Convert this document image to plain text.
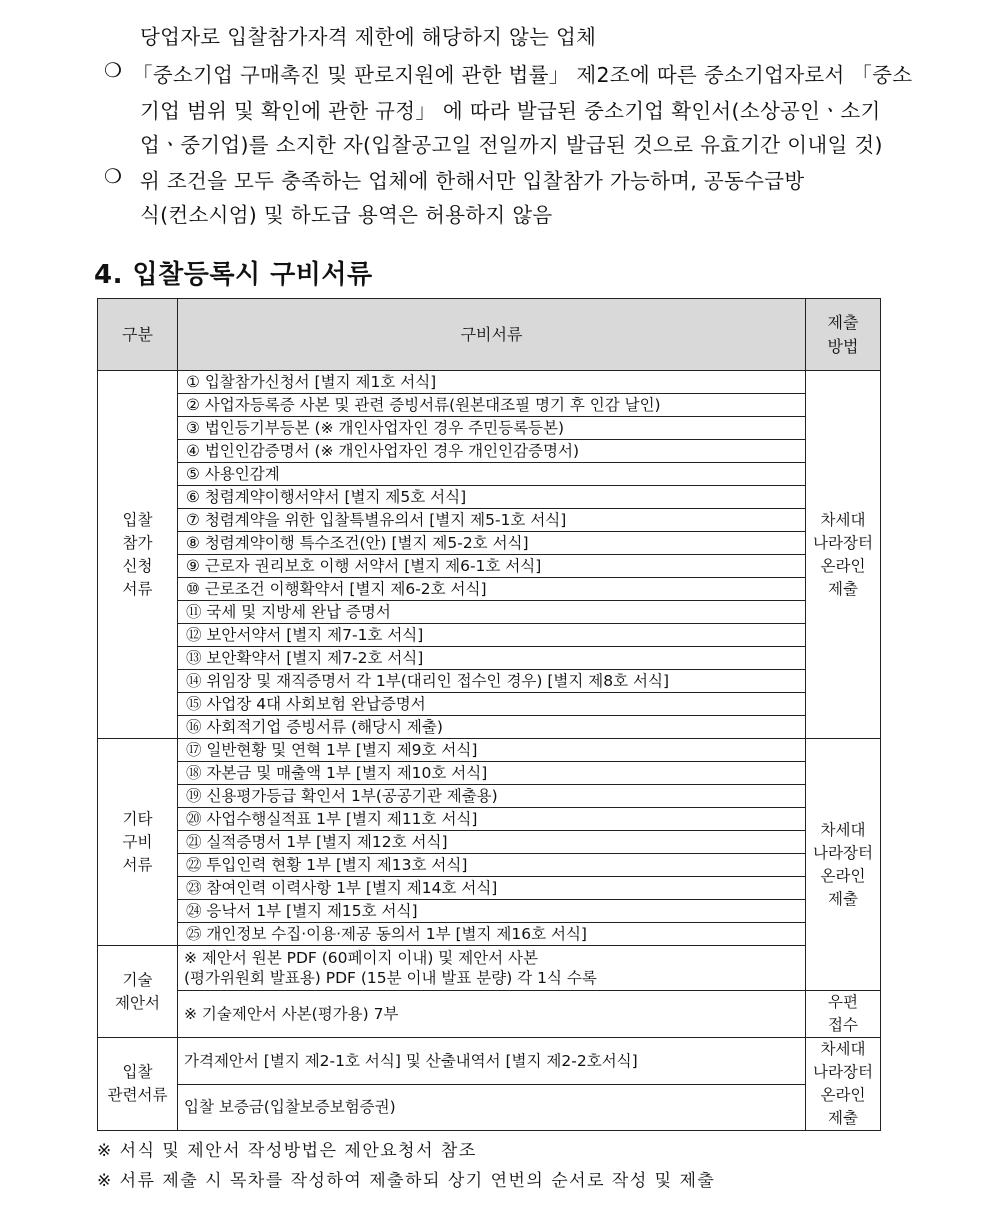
당업자로 입찰참가자격 제한에 해당하지 않는 업체
❍ 「중소기업 구매촉진 및 판로지원에 관한 법률」 제2조에 따른 중소기업자로서 「중소
기업 범위 및 확인에 관한 규정」 에 따라 발급된 중소기업 확인서(소상공인ㆍ소기
업ㆍ중기업)를 소지한 자(입찰공고일 전일까지 발급된 것으로 유효기간 이내일 것)
❍ 위 조건을 모두 충족하는 업체에 한해서만 입찰참가 가능하며, 공동수급방
식(컨소시엄) 및 하도급 용역은 허용하지 않음
4. 입찰등록시 구비서류
구분	구비서류	제출
방법
입찰
참가
신청
서류	① 입찰참가신청서 [별지 제1호 서식]	차세대
나라장터
온라인
제출
	② 사업자등록증 사본 및 관련 증빙서류(원본대조필 명기 후 인감 날인)	
	③ 법인등기부등본 (※ 개인사업자인 경우 주민등록등본)	
	④ 법인인감증명서 (※ 개인사업자인 경우 개인인감증명서)	
	⑤ 사용인감계	
	⑥ 청렴계약이행서약서 [별지 제5호 서식]	
	⑦ 청렴계약을 위한 입찰특별유의서 [별지 제5-1호 서식]	
	⑧ 청렴계약이행 특수조건(안) [별지 제5-2호 서식]	
	⑨ 근로자 권리보호 이행 서약서 [별지 제6-1호 서식]	
	⑩ 근로조건 이행확약서 [별지 제6-2호 서식]	
	⑪ 국세 및 지방세 완납 증명서	
	⑫ 보안서약서 [별지 제7-1호 서식]	
	⑬ 보안확약서 [별지 제7-2호 서식]	
	⑭ 위임장 및 재직증명서 각 1부(대리인 접수인 경우) [별지 제8호 서식]	
	⑮ 사업장 4대 사회보험 완납증명서	
	⑯ 사회적기업 증빙서류 (해당시 제출)	
기타
구비
서류	⑰ 일반현황 및 연혁 1부 [별지 제9호 서식]	차세대
나라장터
온라인
제출
	⑱ 자본금 및 매출액 1부 [별지 제10호 서식]	
	⑲ 신용평가등급 확인서 1부(공공기관 제출용)	
	⑳ 사업수행실적표 1부 [별지 제11호 서식]	
	㉑ 실적증명서 1부 [별지 제12호 서식]	
	㉒ 투입인력 현황 1부 [별지 제13호 서식]	
	㉓ 참여인력 이력사항 1부 [별지 제14호 서식]	
	㉔ 응낙서 1부 [별지 제15호 서식]	
	㉕ 개인정보 수집·이용·제공 동의서 1부 [별지 제16호 서식]	
기술
제안서	※ 제안서 원본 PDF (60페이지 이내) 및 제안서 사본
(평가위원회 발표용) PDF (15분 이내 발표 분량) 각 1식 수록	
	※ 기술제안서 사본(평가용) 7부	우편
접수
입찰
관련서류	가격제안서 [별지 제2-1호 서식] 및 산출내역서 [별지 제2-2호서식]	차세대
나라장터
온라인
제출
	입찰 보증금(입찰보증보험증권)	
※ 서식 및 제안서 작성방법은 제안요청서 참조
※ 서류 제출 시 목차를 작성하여 제출하되 상기 연번의 순서로 작성 및 제출
